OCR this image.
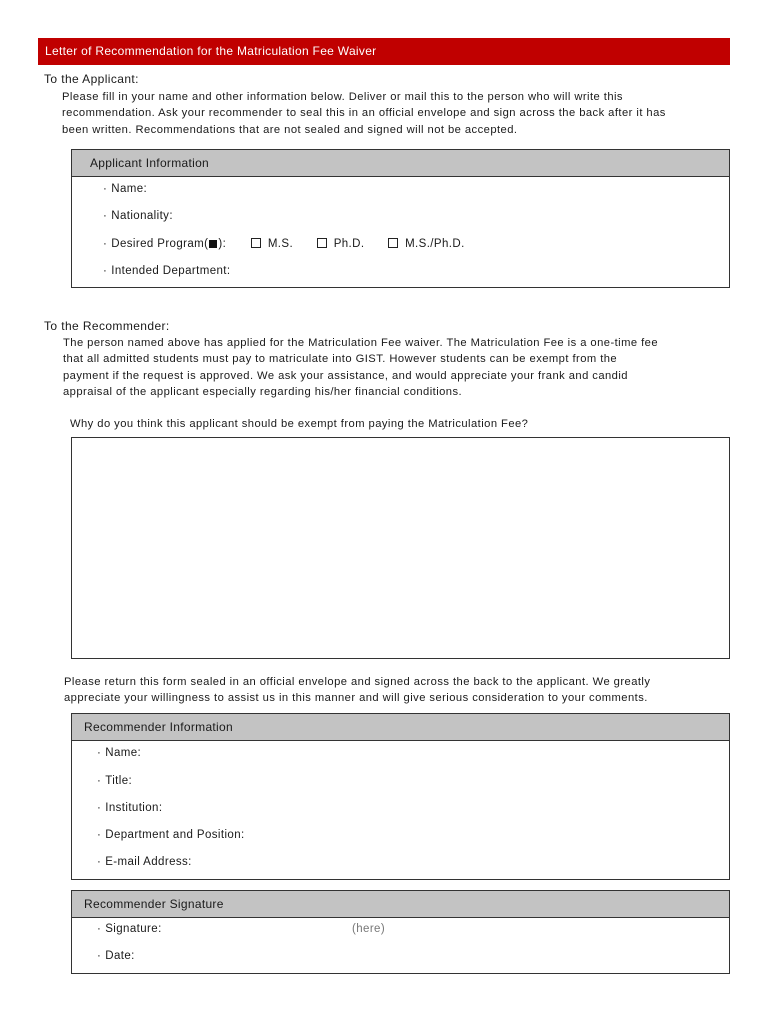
Letter of Recommendation for the Matriculation Fee Waiver
To the Applicant:

Please fill in your name and other information below. Deliver or mail this to the person who will write this

recommendation. Ask your recommender to seal this in an official envelope and sign across the back after it has

been written. Recommendations that are not sealed and signed will not be accepted.

Applicant Information
· Name:
· Nationality:
· Desired Program( ):	M.S.	Ph.D.	M.S./Ph.D.
· Intended Department:
To the Recommender:

The person named above has applied for the Matriculation Fee waiver. The Matriculation Fee is a one-time fee

that all admitted students must pay to matriculate into GIST. However students can be exempt from the

payment if the request is approved. We ask your assistance, and would appreciate your frank and candid

appraisal of the applicant especially regarding his/her financial conditions.

Why do you think this applicant should be exempt from paying the Matriculation Fee?

Please return this form sealed in an official envelope and signed across the back to the applicant. We greatly

appreciate your willingness to assist us in this manner and will give serious consideration to your comments.

Recommender Information
· Name:
· Title:
· Institution:
· Department and Position:
· E-mail Address:
Recommender Signature
· Signature:	(here)
· Date:
